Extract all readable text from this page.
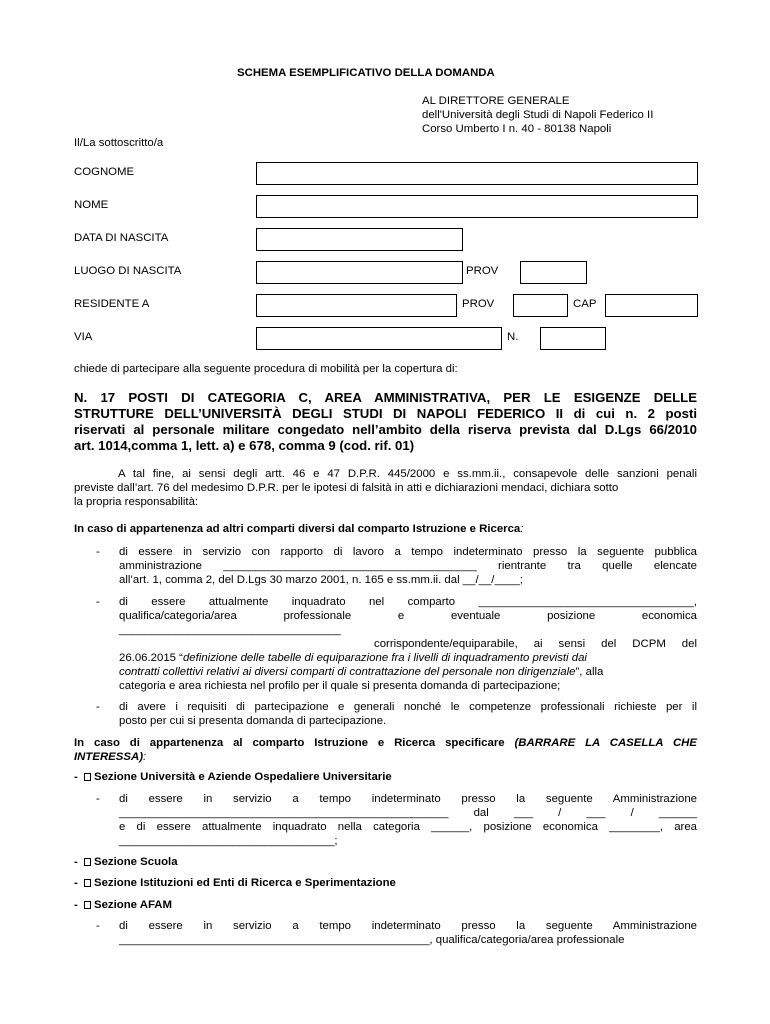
SCHEMA ESEMPLIFICATIVO DELLA DOMANDA
AL DIRETTORE GENERALE
dell'Università degli Studi di Napoli Federico II
Corso Umberto I n. 40 - 80138 Napoli
Il/La sottoscritto/a
COGNOME
NOME
DATA DI NASCITA
LUOGO DI NASCITA	PROV
RESIDENTE A	PROV	CAP
VIA	N.
chiede di partecipare alla seguente procedura di mobilità per la copertura di:
N. 17 POSTI DI CATEGORIA C, AREA AMMINISTRATIVA, PER LE ESIGENZE DELLE
STRUTTURE DELL’UNIVERSITÀ DEGLI STUDI DI NAPOLI FEDERICO II di cui n. 2 posti
riservati al personale militare congedato nell’ambito della riserva prevista dal D.Lgs 66/2010
art. 1014,comma 1, lett. a) e 678, comma 9 (cod. rif. 01)
A tal fine, ai sensi degli artt. 46 e 47 D.P.R. 445/2000 e ss.mm.ii., consapevole delle sanzioni penali
previste dall’art. 76 del medesimo D.P.R. per le ipotesi di falsità in atti e dichiarazioni mendaci, dichiara sotto
la propria responsabilità:
In caso di appartenenza ad altri comparti diversi dal comparto Istruzione e Ricerca:
- di essere in servizio con rapporto di lavoro a tempo indeterminato presso la seguente pubblica
amministrazione ________________________________________ rientrante tra quelle elencate
all’art. 1, comma 2, del D.Lgs 30 marzo 2001, n. 165 e ss.mm.ii. dal __/__/____;
- di essere attualmente inquadrato nel comparto __________________________________,
qualifica/categoria/area professionale e eventuale posizione economica
___________________________________
corrispondente/equiparabile, ai sensi del DCPM del
26.06.2015 “definizione delle tabelle di equiparazione fra i livelli di inquadramento previsti dai
contratti collettivi relativi ai diversi comparti di contrattazione del personale non dirigenziale”, alla
categoria e area richiesta nel profilo per il quale si presenta domanda di partecipazione;
- di avere i requisiti di partecipazione e generali nonché le competenze professionali richieste per il
posto per cui si presenta domanda di partecipazione.
In caso di appartenenza al comparto Istruzione e Ricerca specificare (BARRARE LA CASELLA CHE
INTERESSA):
- Sezione Università e Aziende Ospedaliere Universitarie
- di essere in servizio a tempo indeterminato presso la seguente Amministrazione
____________________________________________________ dal ___ / ___ / ______
e di essere attualmente inquadrato nella categoria ______, posizione economica ________, area
__________________________________;
- Sezione Scuola
- Sezione Istituzioni ed Enti di Ricerca e Sperimentazione
- Sezione AFAM
- di essere in servizio a tempo indeterminato presso la seguente Amministrazione
_________________________________________________, qualifica/categoria/area professionale
